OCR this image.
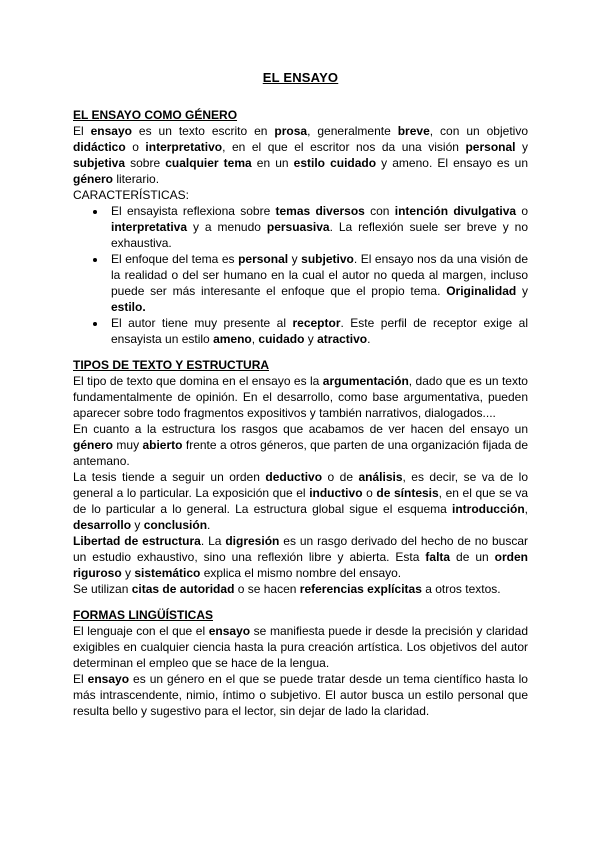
EL ENSAYO
EL ENSAYO COMO GÉNERO
El ensayo es un texto escrito en prosa, generalmente breve, con un objetivo didáctico o interpretativo, en el que el escritor nos da una visión personal y subjetiva sobre cualquier tema en un estilo cuidado y ameno. El ensayo es un género literario.
CARACTERÍSTICAS:
• El ensayista reflexiona sobre temas diversos con intención divulgativa o interpretativa y a menudo persuasiva. La reflexión suele ser breve y no exhaustiva.
• El enfoque del tema es personal y subjetivo. El ensayo nos da una visión de la realidad o del ser humano en la cual el autor no queda al margen, incluso puede ser más interesante el enfoque que el propio tema. Originalidad y estilo.
• El autor tiene muy presente al receptor. Este perfil de receptor exige al ensayista un estilo ameno, cuidado y atractivo.
TIPOS DE TEXTO Y ESTRUCTURA
El tipo de texto que domina en el ensayo es la argumentación, dado que es un texto fundamentalmente de opinión. En el desarrollo, como base argumentativa, pueden aparecer sobre todo fragmentos expositivos y también narrativos, dialogados....
En cuanto a la estructura los rasgos que acabamos de ver hacen del ensayo un género muy abierto frente a otros géneros, que parten de una organización fijada de antemano.
La tesis tiende a seguir un orden deductivo o de análisis, es decir, se va de lo general a lo particular. La exposición que el inductivo o de síntesis, en el que se va de lo particular a lo general. La estructura global sigue el esquema introducción, desarrollo y conclusión.
Libertad de estructura. La digresión es un rasgo derivado del hecho de no buscar un estudio exhaustivo, sino una reflexión libre y abierta. Esta falta de un orden riguroso y sistemático explica el mismo nombre del ensayo.
Se utilizan citas de autoridad o se hacen referencias explícitas a otros textos.
FORMAS LINGÜÍSTICAS
El lenguaje con el que el ensayo se manifiesta puede ir desde la precisión y claridad exigibles en cualquier ciencia hasta la pura creación artística. Los objetivos del autor determinan el empleo que se hace de la lengua.
El ensayo es un género en el que se puede tratar desde un tema científico hasta lo más intrascendente, nimio, íntimo o subjetivo. El autor busca un estilo personal que resulta bello y sugestivo para el lector, sin dejar de lado la claridad.
